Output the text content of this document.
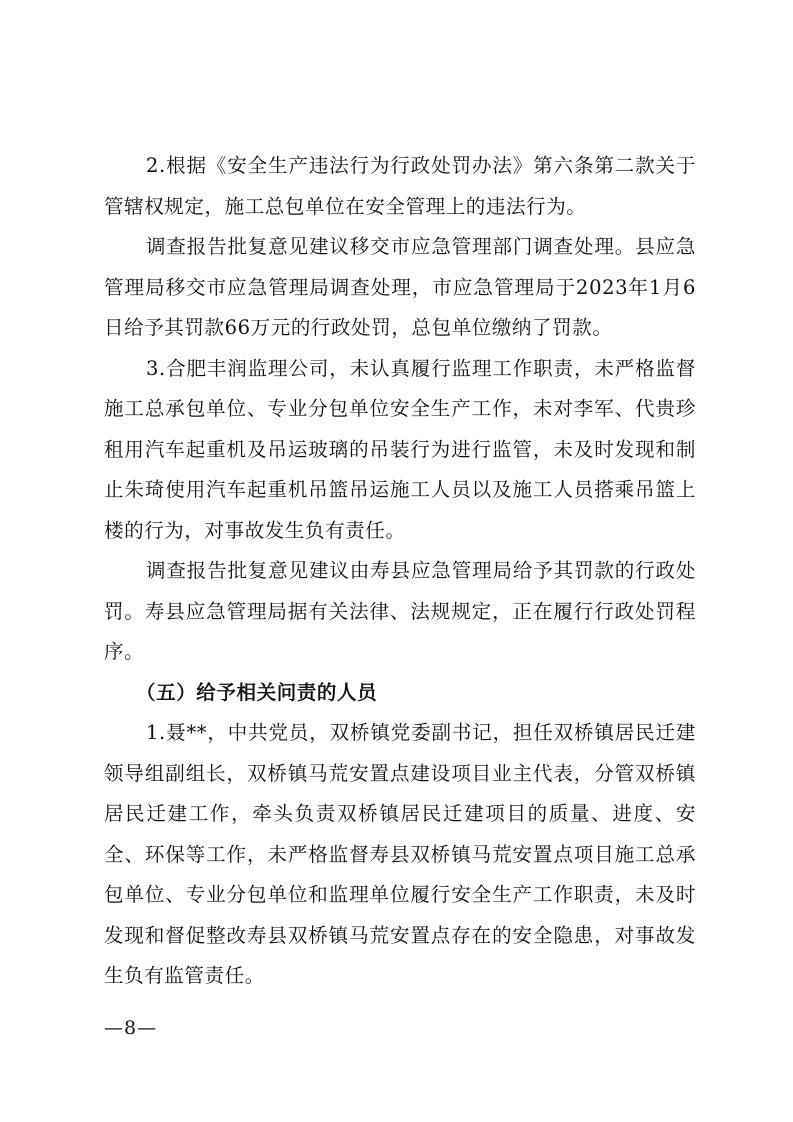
2.根据《安全生产违法行为行政处罚办法》第六条第二款关于管辖权规定，施工总包单位在安全管理上的违法行为。

调查报告批复意见建议移交市应急管理部门调查处理。县应急管理局移交市应急管理局调查处理，市应急管理局于2023年1月6日给予其罚款66万元的行政处罚，总包单位缴纳了罚款。

3.合肥丰润监理公司，未认真履行监理工作职责，未严格监督施工总承包单位、专业分包单位安全生产工作，未对李军、代贵珍租用汽车起重机及吊运玻璃的吊装行为进行监管，未及时发现和制止朱琦使用汽车起重机吊篮吊运施工人员以及施工人员搭乘吊篮上楼的行为，对事故发生负有责任。

调查报告批复意见建议由寿县应急管理局给予其罚款的行政处罚。寿县应急管理局据有关法律、法规规定，正在履行行政处罚程序。

（五）给予相关问责的人员

1.聂**，中共党员，双桥镇党委副书记，担任双桥镇居民迁建领导组副组长，双桥镇马荒安置点建设项目业主代表，分管双桥镇居民迁建工作，牵头负责双桥镇居民迁建项目的质量、进度、安全、环保等工作，未严格监督寿县双桥镇马荒安置点项目施工总承包单位、专业分包单位和监理单位履行安全生产工作职责，未及时发现和督促整改寿县双桥镇马荒安置点存在的安全隐患，对事故发生负有监管责任。

—8—
